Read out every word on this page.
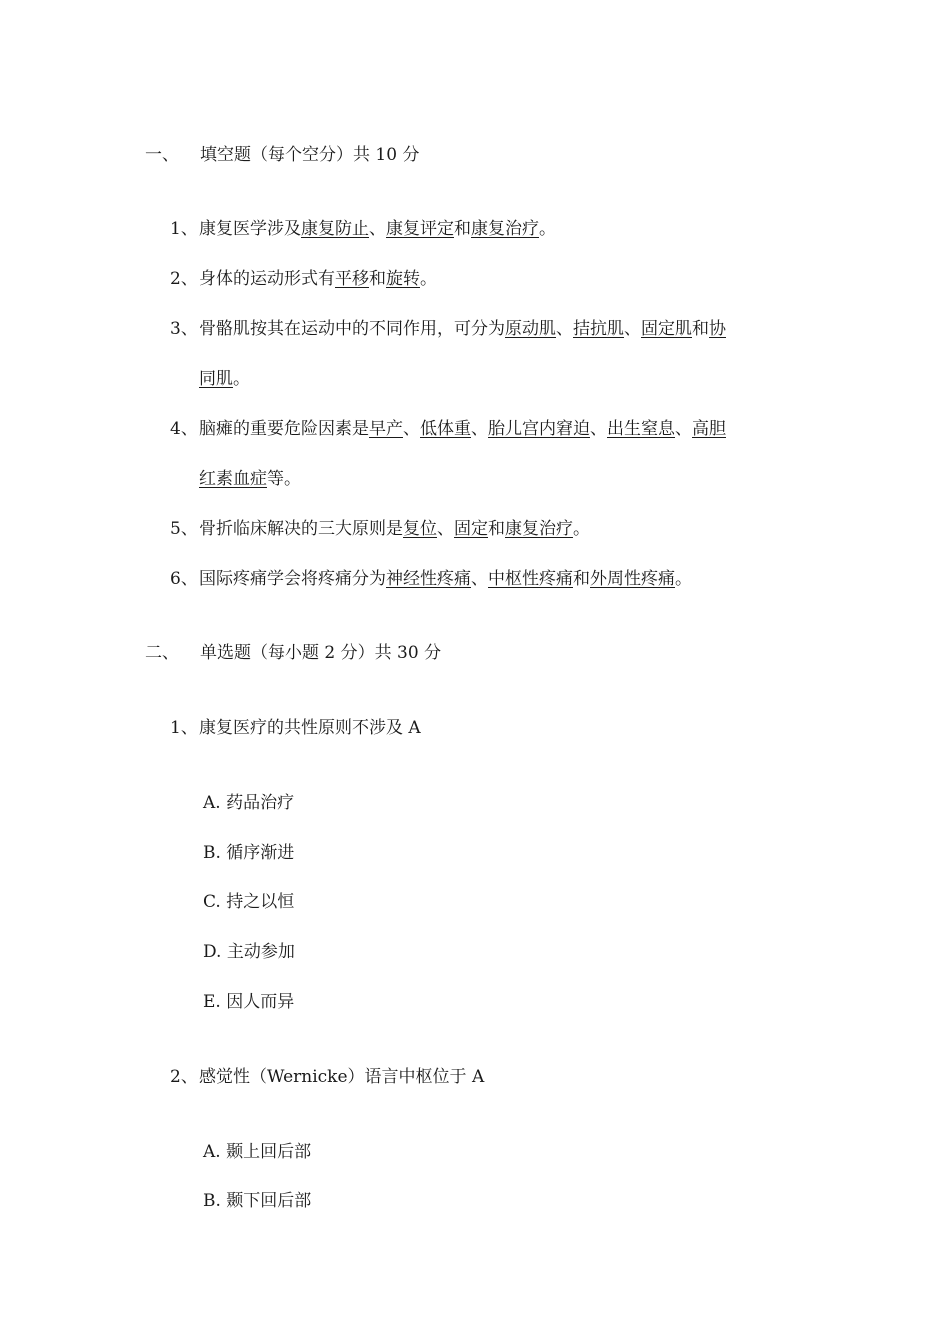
一、 填空题（每个空分）共 10 分
1、 康复医学涉及康复防止、康复评定和康复治疗。
2、 身体的运动形式有平移和旋转。
3、 骨骼肌按其在运动中的不同作用，可分为原动肌、拮抗肌、固定肌和协
同肌。
4、 脑瘫的重要危险因素是早产、低体重、胎儿宫内窘迫、出生窒息、高胆
红素血症等。
5、 骨折临床解决的三大原则是复位、固定和康复治疗。
6、 国际疼痛学会将疼痛分为神经性疼痛、中枢性疼痛和外周性疼痛。
二、 单选题（每小题 2 分）共 30 分
1、 康复医疗的共性原则不涉及 A
A. 药品治疗
B. 循序渐进
C. 持之以恒
D. 主动参加
E. 因人而异
2、 感觉性（Wernicke）语言中枢位于 A
A. 颞上回后部
B. 颞下回后部
